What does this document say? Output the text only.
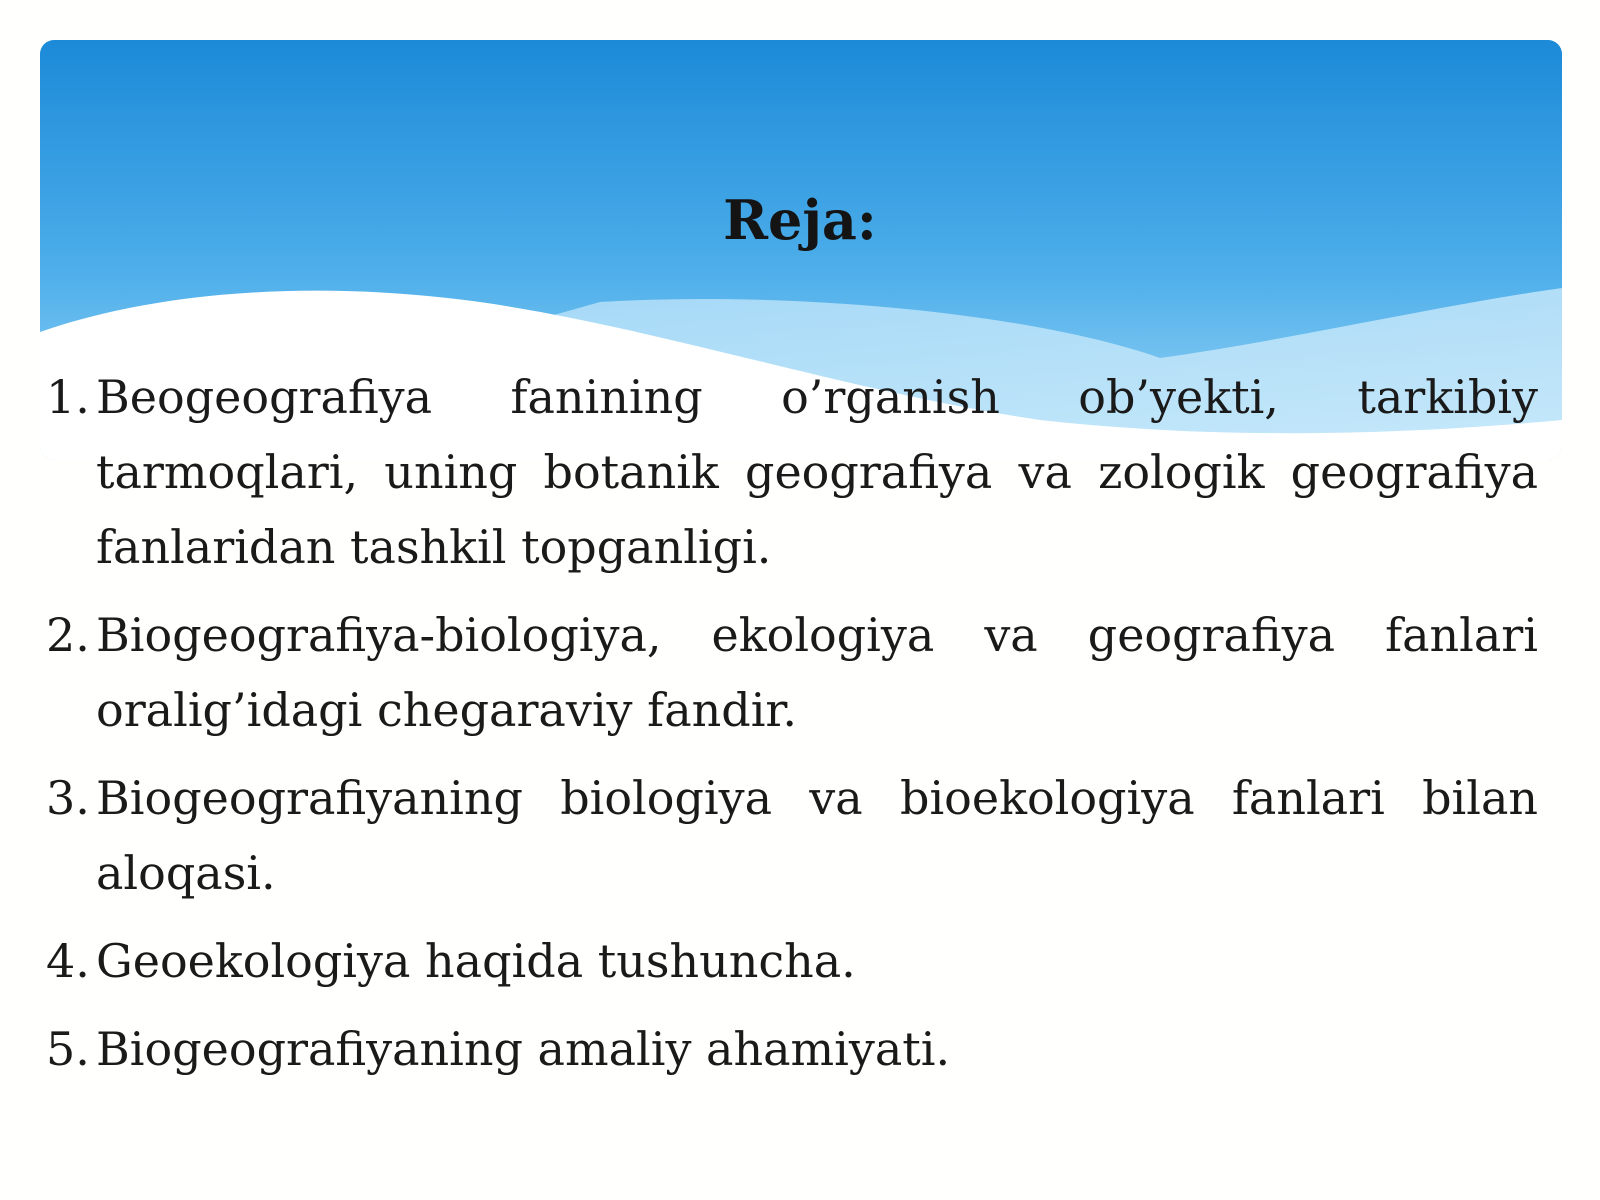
Reja:
1. Beogeografiya fanining o’rganish ob’yekti, tarkibiy tarmoqlari, uning botanik geografiya va zologik geografiya fanlaridan tashkil topganligi.
2. Biogeografiya-biologiya, ekologiya va geografiya fanlari oralig’idagi chegaraviy fandir.
3. Biogeografiyaning biologiya va bioekologiya fanlari bilan aloqasi.
4. Geoekologiya haqida tushuncha.
5. Biogeografiyaning amaliy ahamiyati.
